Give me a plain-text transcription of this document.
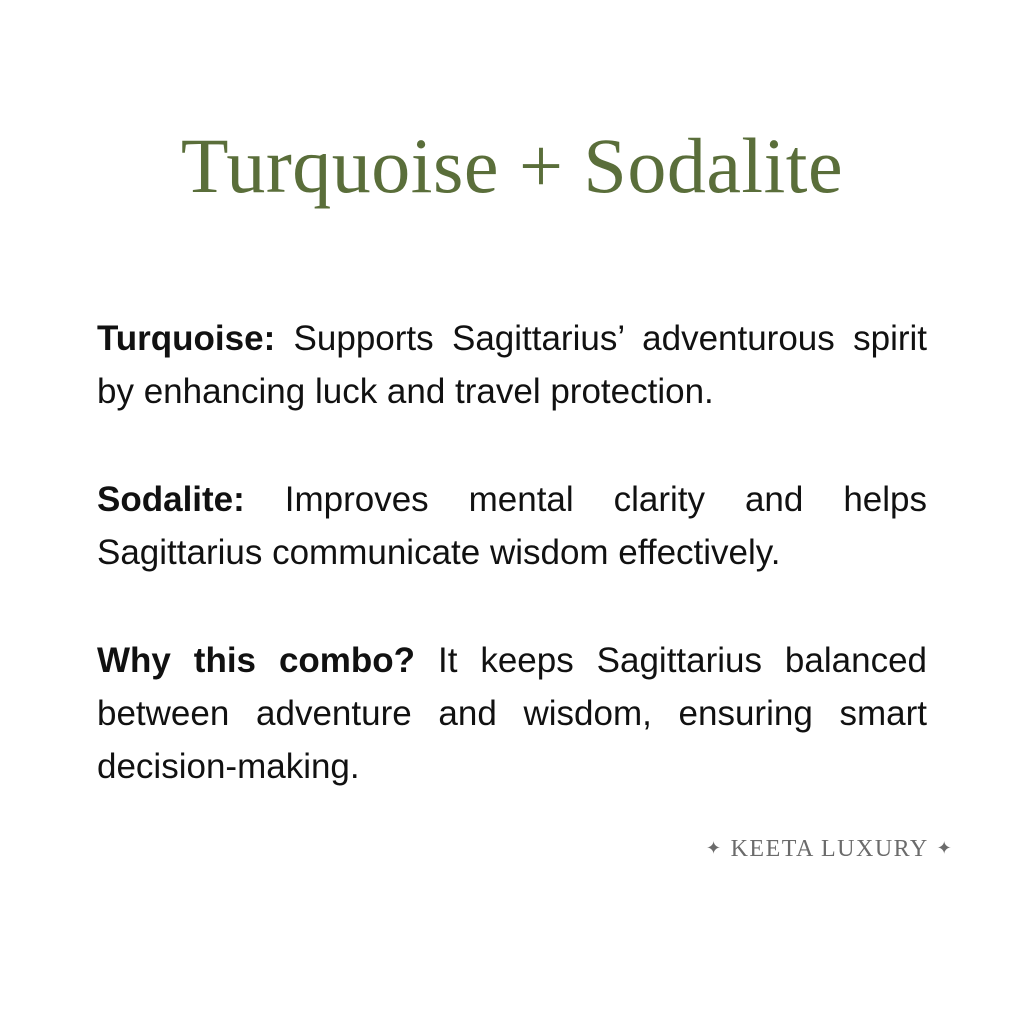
Turquoise + Sodalite

Turquoise: Supports Sagittarius’ adventurous spirit by enhancing luck and travel protection.

Sodalite: Improves mental clarity and helps Sagittarius communicate wisdom effectively.

Why this combo? It keeps Sagittarius balanced between adventure and wisdom, ensuring smart decision-making.

✦ KEETA LUXURY ✦
